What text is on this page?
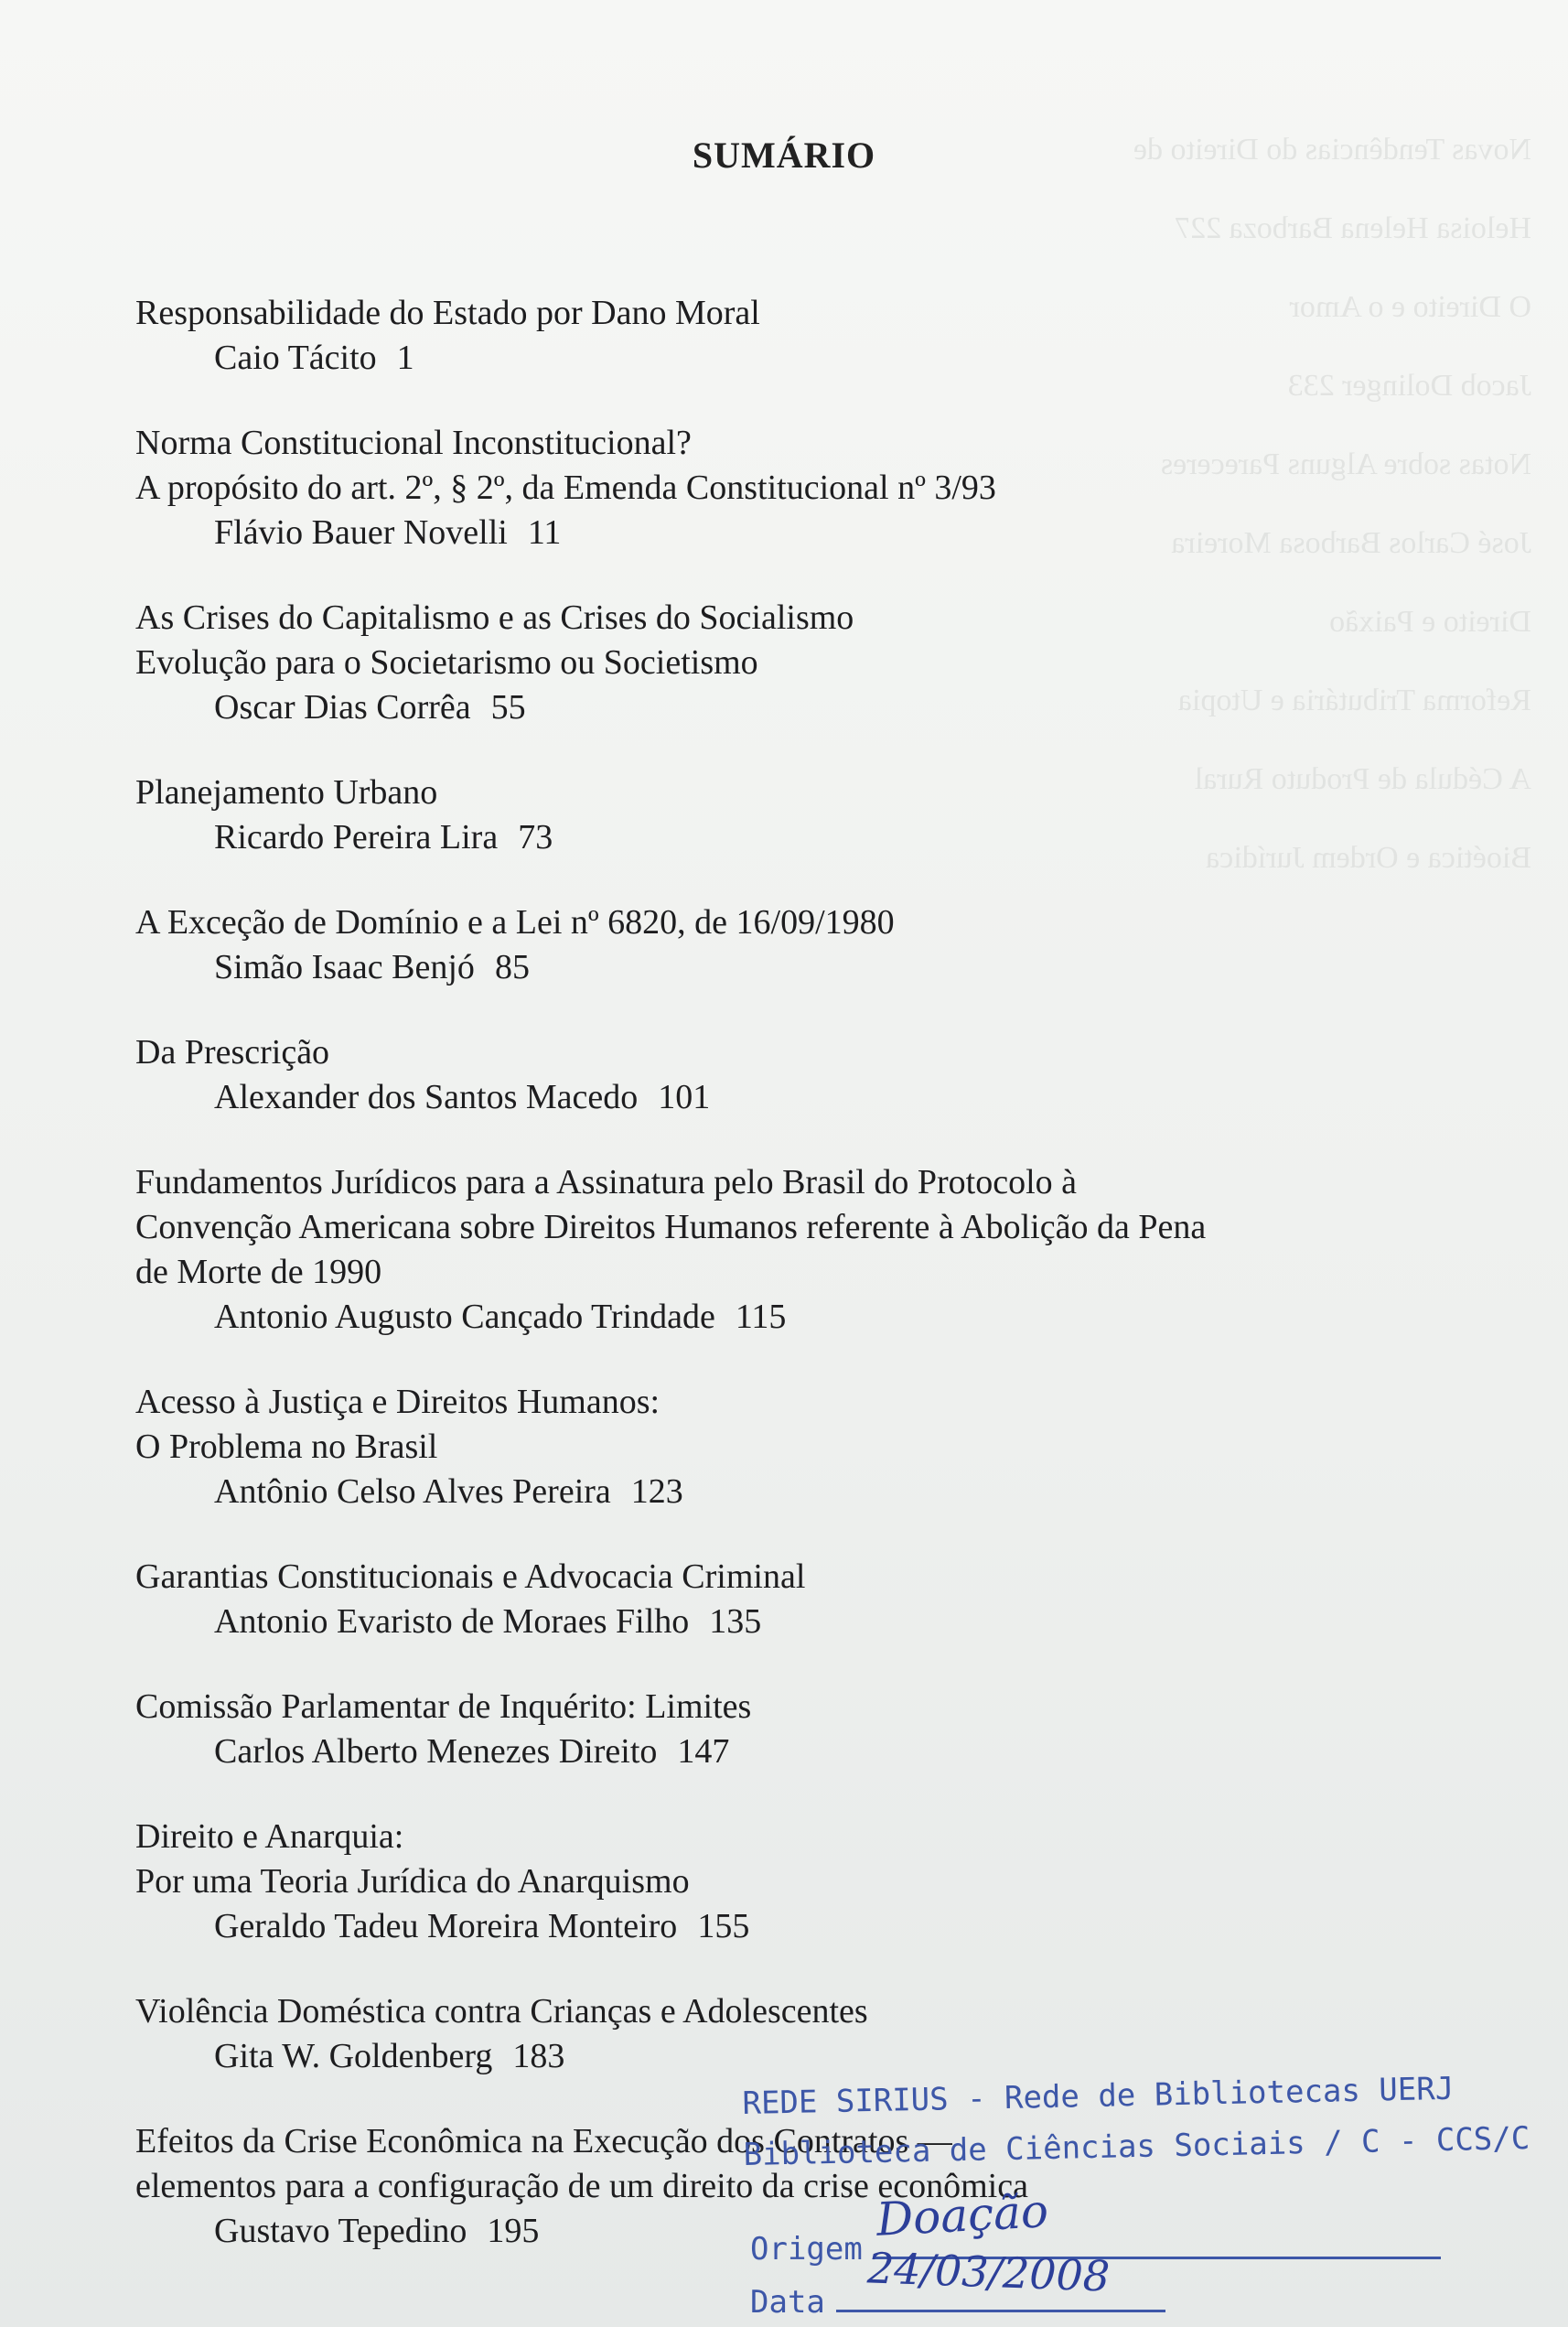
Novas Tendências do Direito de

Heloisa Helena Barboza 227

O Direito e o Amor

Jacob Dolinger 233

Notas sobre Alguns Pareceres

José Carlos Barbosa Moreira

Direito e Paixão

Reforma Tributária e Utopia

A Cédula de Produto Rural

Bioética e Ordem Jurídica

SUMÁRIO
Responsabilidade do Estado por Dano Moral
Caio Tácito 1
Norma Constitucional Inconstitucional?
A propósito do art. 2º, § 2º, da Emenda Constitucional nº 3/93
Flávio Bauer Novelli 11
As Crises do Capitalismo e as Crises do Socialismo
Evolução para o Societarismo ou Societismo
Oscar Dias Corrêa 55
Planejamento Urbano
Ricardo Pereira Lira 73
A Exceção de Domínio e a Lei nº 6820, de 16/09/1980
Simão Isaac Benjó 85
Da Prescrição
Alexander dos Santos Macedo 101
Fundamentos Jurídicos para a Assinatura pelo Brasil do Protocolo à
Convenção Americana sobre Direitos Humanos referente à Abolição da Pena
de Morte de 1990
Antonio Augusto Cançado Trindade 115
Acesso à Justiça e Direitos Humanos:
O Problema no Brasil
Antônio Celso Alves Pereira 123
Garantias Constitucionais e Advocacia Criminal
Antonio Evaristo de Moraes Filho 135
Comissão Parlamentar de Inquérito: Limites
Carlos Alberto Menezes Direito 147
Direito e Anarquia:
Por uma Teoria Jurídica do Anarquismo
Geraldo Tadeu Moreira Monteiro 155
Violência Doméstica contra Crianças e Adolescentes
Gita W. Goldenberg 183
Efeitos da Crise Econômica na Execução dos Contratos —
elementos para a configuração de um direito da crise econômica
Gustavo Tepedino 195
REDE SIRIUS - Rede de Bibliotecas UERJ
Biblioteca de Ciências Sociais / C - CCS/C
Origem
Doação
Data
24/03/2008
